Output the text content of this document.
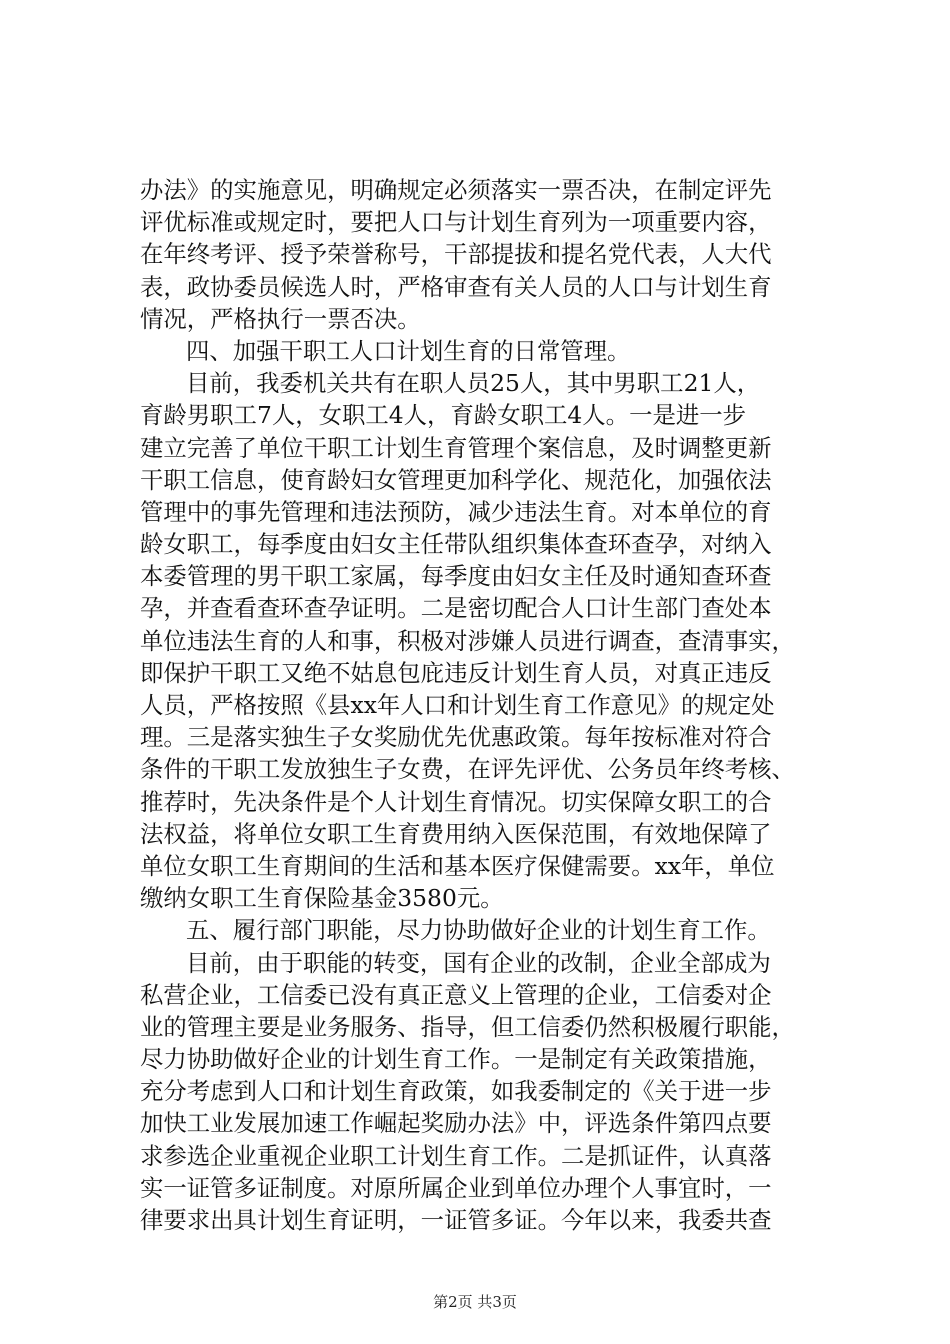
办法》的实施意见，明确规定必须落实一票否决，在制定评先
评优标准或规定时，要把人口与计划生育列为一项重要内容，
在年终考评、授予荣誉称号，干部提拔和提名党代表，人大代
表，政协委员候选人时，严格审查有关人员的人口与计划生育
情况，严格执行一票否决。
四、加强干职工人口计划生育的日常管理。
目前，我委机关共有在职人员25人，其中男职工21人，
育龄男职工7人，女职工4人，育龄女职工4人。一是进一步
建立完善了单位干职工计划生育管理个案信息，及时调整更新
干职工信息，使育龄妇女管理更加科学化、规范化，加强依法
管理中的事先管理和违法预防，减少违法生育。对本单位的育
龄女职工，每季度由妇女主任带队组织集体查环查孕，对纳入
本委管理的男干职工家属，每季度由妇女主任及时通知查环查
孕，并查看查环查孕证明。二是密切配合人口计生部门查处本
单位违法生育的人和事，积极对涉嫌人员进行调查，查清事实，
即保护干职工又绝不姑息包庇违反计划生育人员，对真正违反
人员，严格按照《县xx年人口和计划生育工作意见》的规定处
理。三是落实独生子女奖励优先优惠政策。每年按标准对符合
条件的干职工发放独生子女费，在评先评优、公务员年终考核、
推荐时，先决条件是个人计划生育情况。切实保障女职工的合
法权益，将单位女职工生育费用纳入医保范围，有效地保障了
单位女职工生育期间的生活和基本医疗保健需要。xx年，单位
缴纳女职工生育保险基金3580元。
五、履行部门职能，尽力协助做好企业的计划生育工作。
目前，由于职能的转变，国有企业的改制，企业全部成为
私营企业，工信委已没有真正意义上管理的企业，工信委对企
业的管理主要是业务服务、指导，但工信委仍然积极履行职能，
尽力协助做好企业的计划生育工作。一是制定有关政策措施，
充分考虑到人口和计划生育政策，如我委制定的《关于进一步
加快工业发展加速工作崛起奖励办法》中，评选条件第四点要
求参选企业重视企业职工计划生育工作。二是抓证件，认真落
实一证管多证制度。对原所属企业到单位办理个人事宜时，一
律要求出具计划生育证明，一证管多证。今年以来，我委共查
第2页 共3页
